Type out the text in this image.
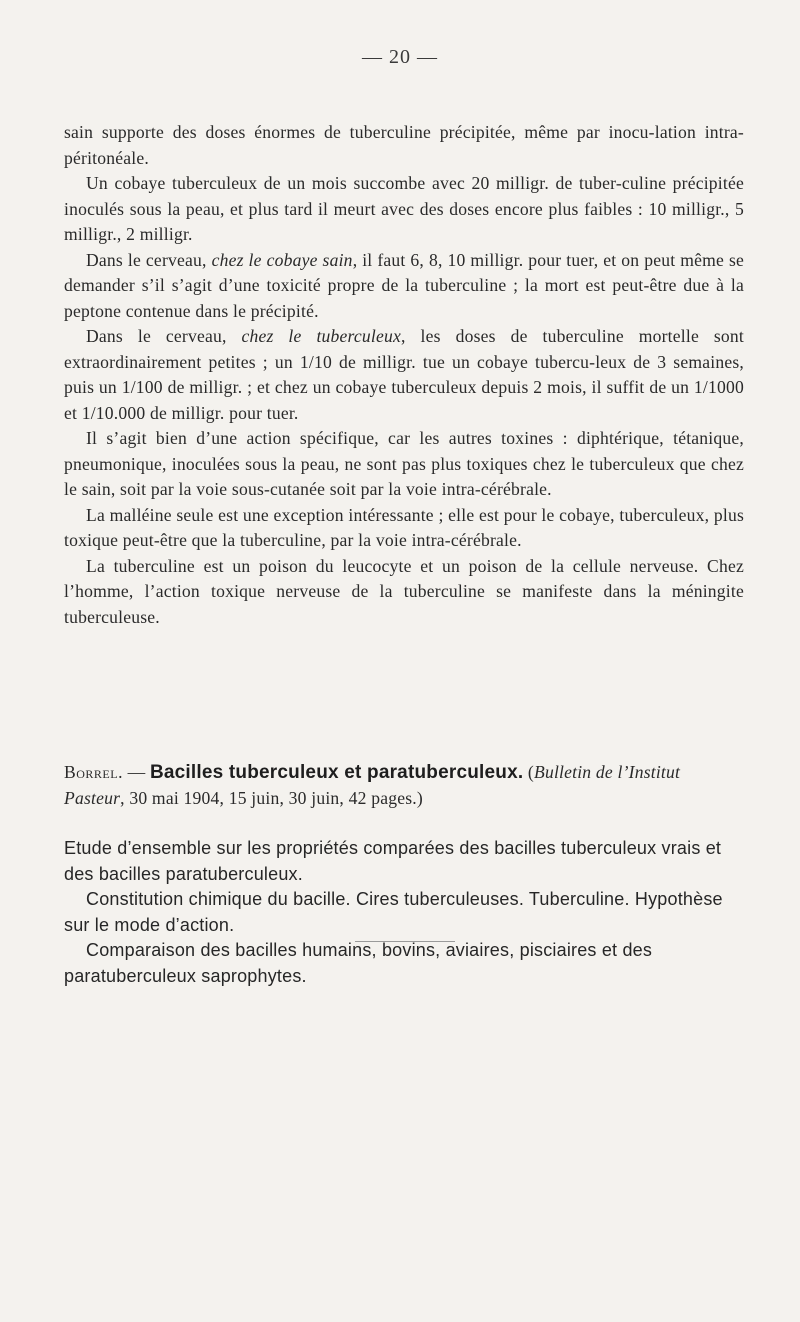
— 20 —

sain supporte des doses énormes de tuberculine précipitée, même par inocu-lation intra-péritonéale.

Un cobaye tuberculeux de un mois succombe avec 20 milligr. de tuber-culine précipitée inoculés sous la peau, et plus tard il meurt avec des doses encore plus faibles : 10 milligr., 5 milligr., 2 milligr.

Dans le cerveau, chez le cobaye sain, il faut 6, 8, 10 milligr. pour tuer, et on peut même se demander s’il s’agit d’une toxicité propre de la tuberculine ; la mort est peut-être due à la peptone contenue dans le précipité.

Dans le cerveau, chez le tuberculeux, les doses de tuberculine mortelle sont extraordinairement petites ; un 1/10 de milligr. tue un cobaye tubercu-leux de 3 semaines, puis un 1/100 de milligr. ; et chez un cobaye tuberculeux depuis 2 mois, il suffit de un 1/1000 et 1/10.000 de milligr. pour tuer.

Il s’agit bien d’une action spécifique, car les autres toxines : diphtérique, tétanique, pneumonique, inoculées sous la peau, ne sont pas plus toxiques chez le tuberculeux que chez le sain, soit par la voie sous-cutanée soit par la voie intra-cérébrale.

La malléine seule est une exception intéressante ; elle est pour le cobaye, tuberculeux, plus toxique peut-être que la tuberculine, par la voie intra-cérébrale.

La tuberculine est un poison du leucocyte et un poison de la cellule nerveuse. Chez l’homme, l’action toxique nerveuse de la tuberculine se manifeste dans la méningite tuberculeuse.

Borrel. — Bacilles tuberculeux et paratuberculeux. (Bulletin de l’Institut Pasteur, 30 mai 1904, 15 juin, 30 juin, 42 pages.)

Etude d’ensemble sur les propriétés comparées des bacilles tuberculeux vrais et des bacilles paratuberculeux.

Constitution chimique du bacille. Cires tuberculeuses. Tuberculine. Hypothèse sur le mode d’action.

Comparaison des bacilles humains, bovins, aviaires, pisciaires et des paratuberculeux saprophytes.
